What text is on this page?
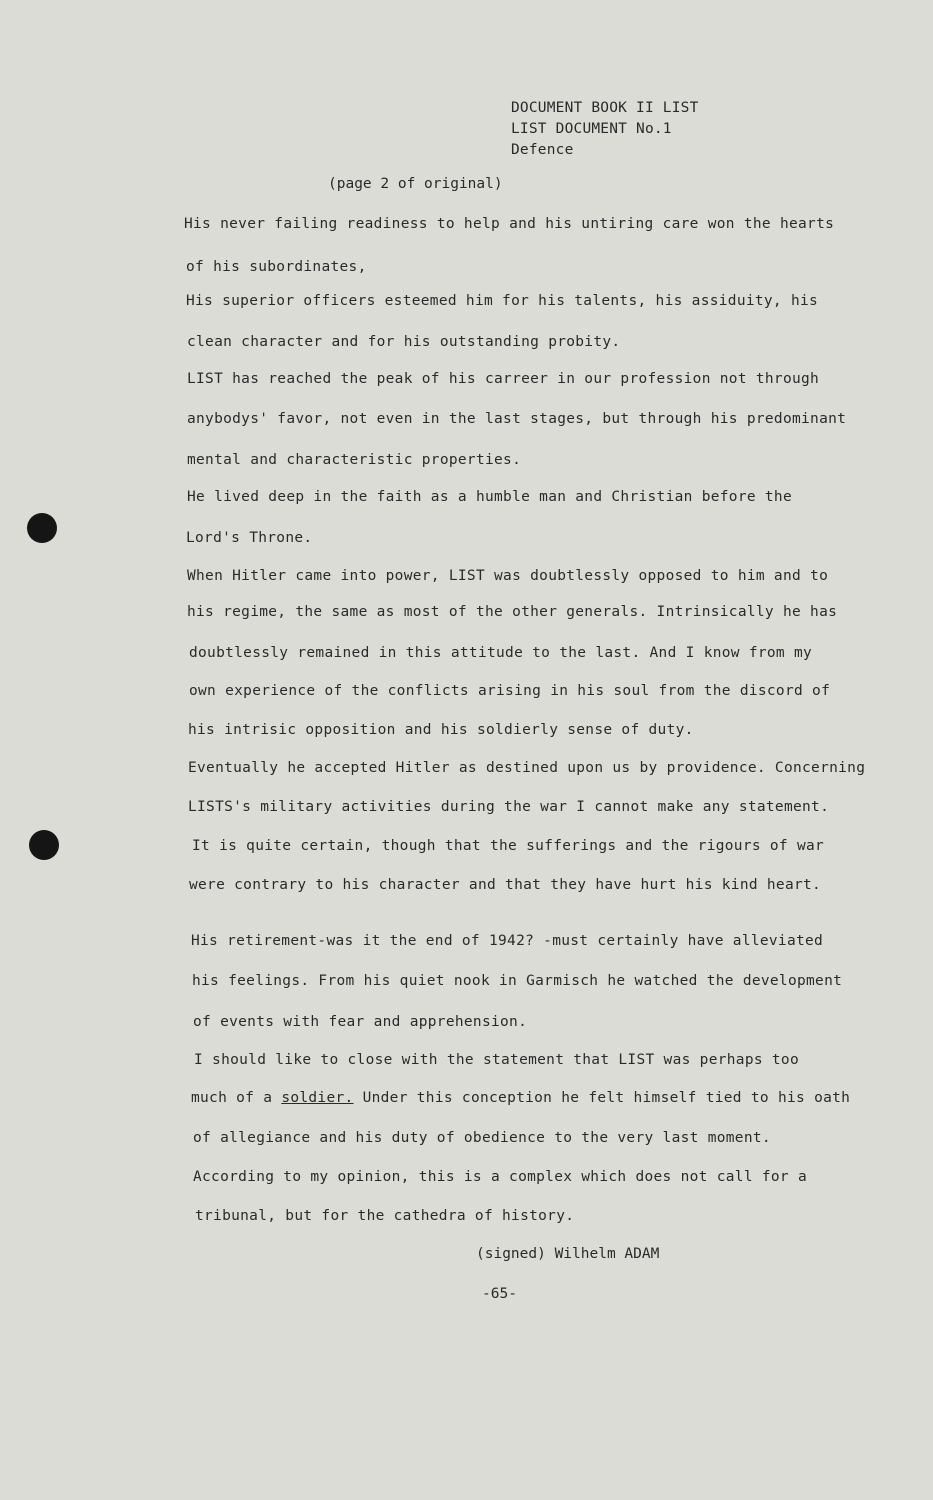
DOCUMENT BOOK II LIST
LIST DOCUMENT No.1
Defence
(page 2 of original)
His never failing readiness to help and his untiring care won the hearts
of his subordinates,
His superior officers esteemed him for his talents, his assiduity, his
clean character and for his outstanding probity.
LIST has reached the peak of his carreer in our profession not through
anybodys' favor, not even in the last stages, but through his predominant
mental and characteristic properties.
He lived deep in the faith as a humble man and Christian before the
Lord's Throne.
When Hitler came into power, LIST was doubtlessly opposed to him and to
his regime, the same as most of the other generals. Intrinsically he has
doubtlessly remained in this attitude to the last. And I know from my
own experience of the conflicts arising in his soul from the discord of
his intrisic opposition and his soldierly sense of duty.
Eventually he accepted Hitler as destined upon us by providence. Concerning
LISTS's military activities during the war I cannot make any statement.
It is quite certain, though that the sufferings and the rigours of war
were contrary to his character and that they have hurt his kind heart.
His retirement-was it the end of 1942? -must certainly have alleviated
his feelings. From his quiet nook in Garmisch he watched the development
of events with fear and apprehension.
I should like to close with the statement that LIST was perhaps too
much of a soldier. Under this conception he felt himself tied to his oath
of allegiance and his duty of obedience to the very last moment.
According to my opinion, this is a complex which does not call for a
tribunal, but for the cathedra of history.
(signed) Wilhelm ADAM
-65-
